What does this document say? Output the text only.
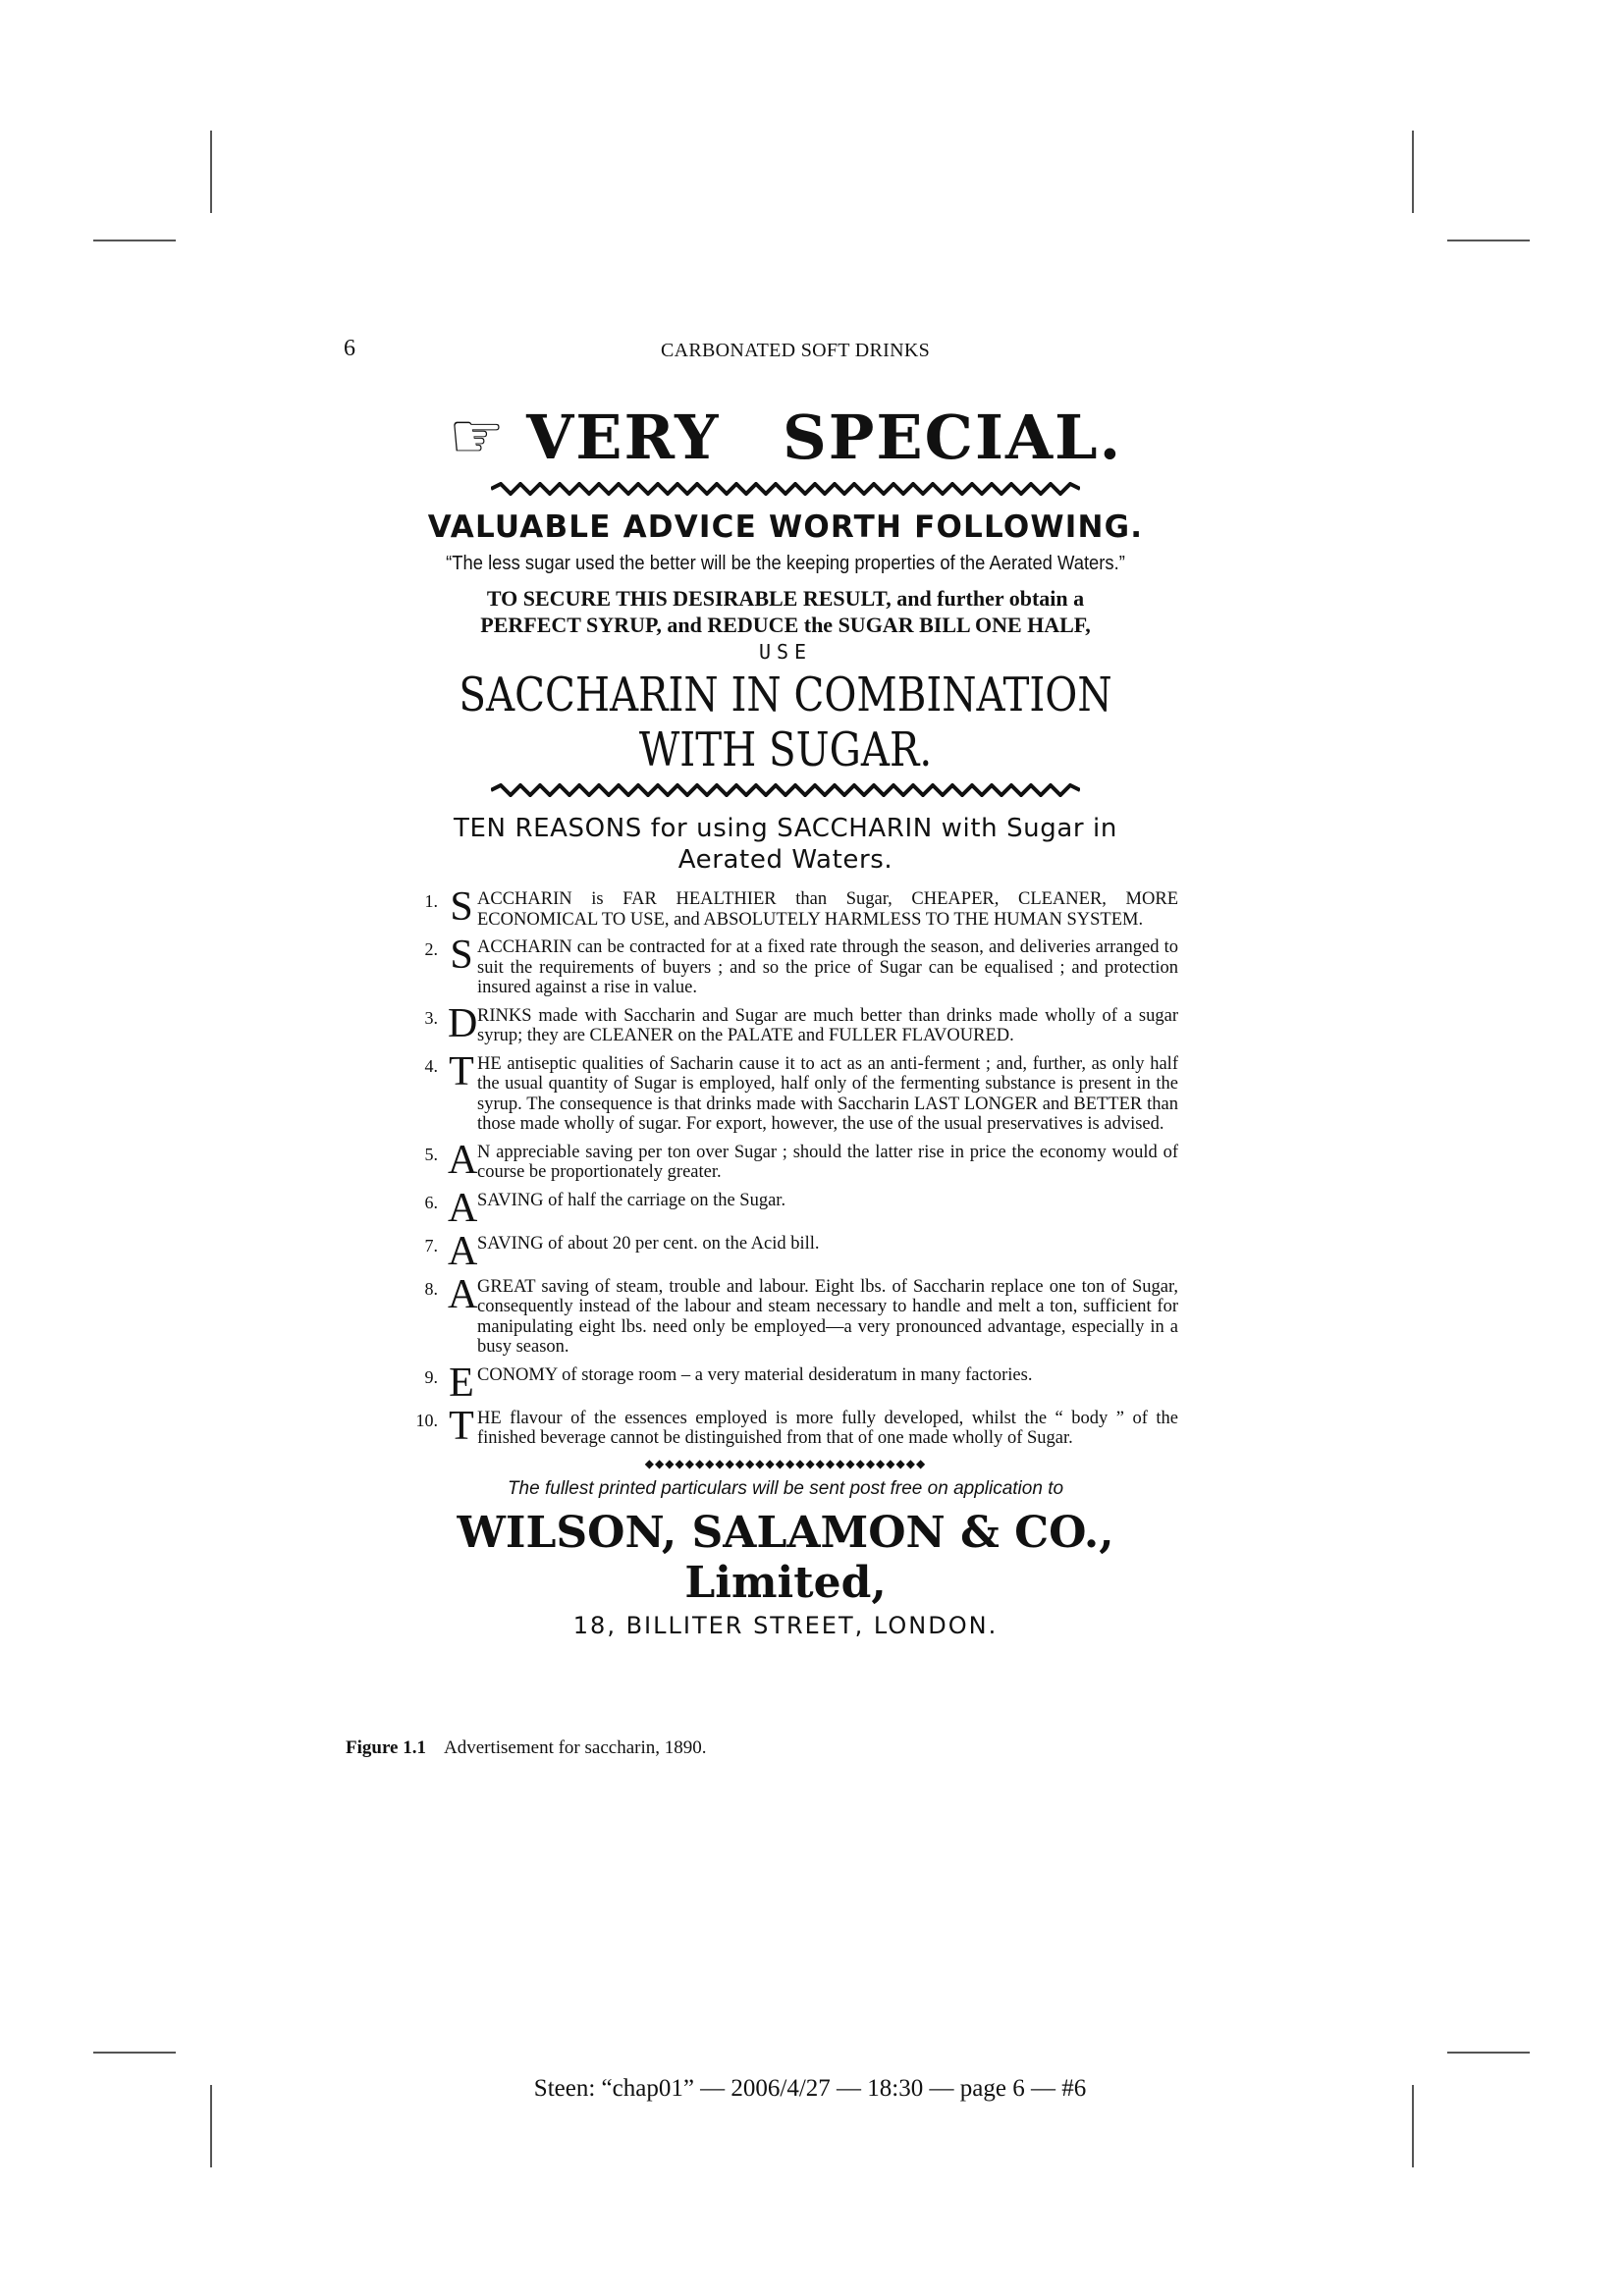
6	CARBONATED SOFT DRINKS
☞ VERY SPECIAL.
VALUABLE ADVICE WORTH FOLLOWING.
“The less sugar used the better will be the keeping properties of the Aerated Waters.”
TO SECURE THIS DESIRABLE RESULT, and further obtain a
PERFECT SYRUP, and REDUCE the SUGAR BILL ONE HALF,
USE
SACCHARIN IN COMBINATION WITH SUGAR.
TEN REASONS for using SACCHARIN with Sugar in
Aerated Waters.
1. S ACCHARIN is FAR HEALTHIER than Sugar, CHEAPER, CLEANER, MORE ECONOMICAL TO USE, and ABSOLUTELY HARMLESS TO THE HUMAN SYSTEM.
2. S ACCHARIN can be contracted for at a fixed rate through the season, and deliveries arranged to suit the requirements of buyers ; and so the price of Sugar can be equalised ; and protection insured against a rise in value.
3. D RINKS made with Saccharin and Sugar are much better than drinks made wholly of a sugar syrup; they are CLEANER on the PALATE and FULLER FLAVOURED.
4. T HE antiseptic qualities of Sacharin cause it to act as an anti-ferment ; and, further, as only half the usual quantity of Sugar is employed, half only of the fermenting substance is present in the syrup. The consequence is that drinks made with Saccharin LAST LONGER and BETTER than those made wholly of sugar. For export, however, the use of the usual preservatives is advised.
5. A N appreciable saving per ton over Sugar ; should the latter rise in price the economy would of course be proportionately greater.
6. A SAVING of half the carriage on the Sugar.
7. A SAVING of about 20 per cent. on the Acid bill.
8. A GREAT saving of steam, trouble and labour. Eight lbs. of Saccharin replace one ton of Sugar, consequently instead of the labour and steam necessary to handle and melt a ton, sufficient for manipulating eight lbs. need only be employed—a very pronounced advantage, especially in a busy season.
9. E CONOMY of storage room – a very material desideratum in many factories.
10. T HE flavour of the essences employed is more fully developed, whilst the “ body ” of the finished beverage cannot be distinguished from that of one made wholly of Sugar.
◆◆◆◆◆◆◆◆◆◆◆◆◆◆◆◆◆◆◆◆◆◆◆◆◆◆◆◆
The fullest printed particulars will be sent post free on application to
WILSON, SALAMON & CO., Limited,
18, BILLITER STREET, LONDON.
Figure 1.1 Advertisement for saccharin, 1890.
Steen: “chap01” — 2006/4/27 — 18:30 — page 6 — #6
